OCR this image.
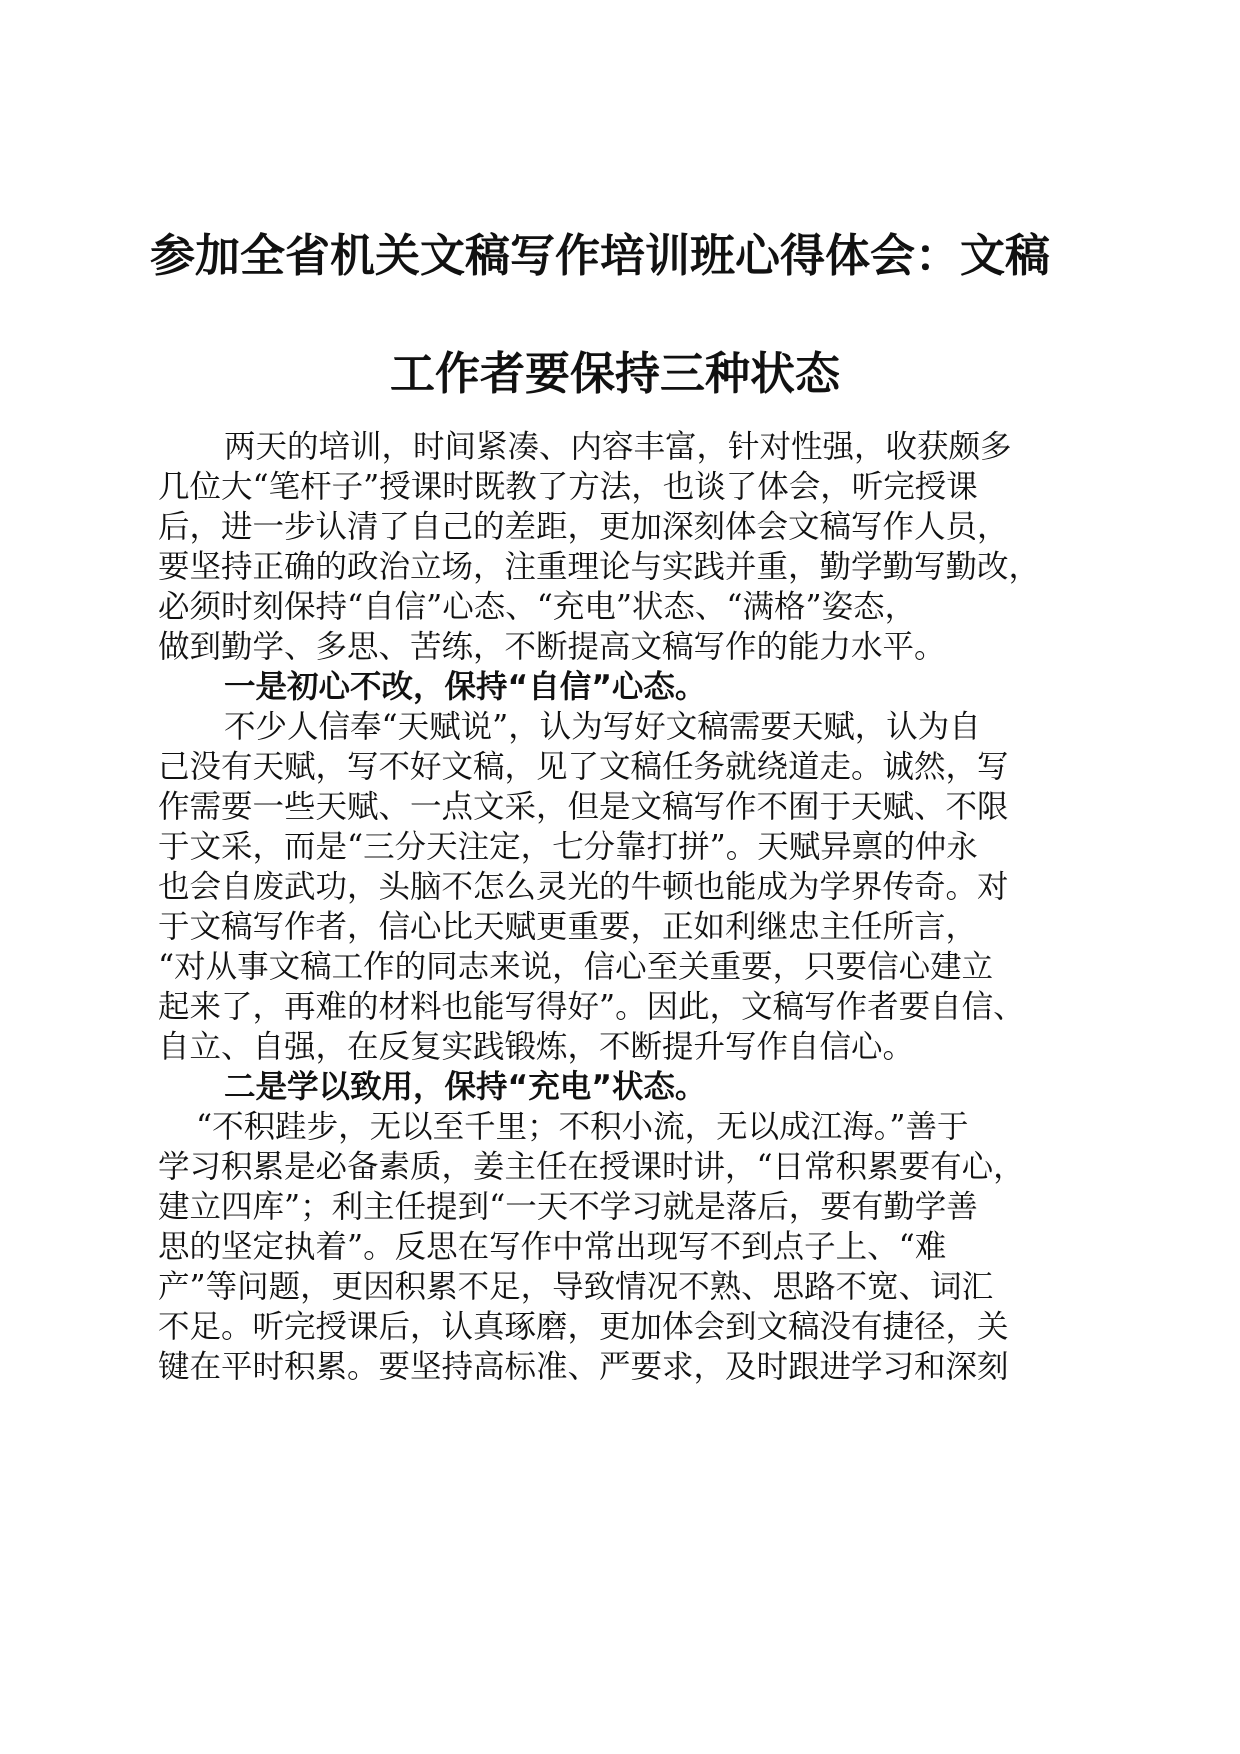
参加全省机关文稿写作培训班心得体会：文稿
工作者要保持三种状态
两天的培训，时间紧凑、内容丰富，针对性强，收获颇多
几位大“笔杆子”授课时既教了方法，也谈了体会，听完授课
后，进一步认清了自己的差距，更加深刻体会文稿写作人员，
要坚持正确的政治立场，注重理论与实践并重，勤学勤写勤改，
必须时刻保持“自信”心态、“充电”状态、“满格”姿态，
做到勤学、多思、苦练，不断提高文稿写作的能力水平。
一是初心不改，保持“自信”心态。
不少人信奉“天赋说”，认为写好文稿需要天赋，认为自
己没有天赋，写不好文稿，见了文稿任务就绕道走。诚然，写
作需要一些天赋、一点文采，但是文稿写作不囿于天赋、不限
于文采，而是“三分天注定，七分靠打拼”。天赋异禀的仲永
也会自废武功，头脑不怎么灵光的牛顿也能成为学界传奇。对
于文稿写作者，信心比天赋更重要，正如利继忠主任所言，
“对从事文稿工作的同志来说，信心至关重要，只要信心建立
起来了，再难的材料也能写得好”。因此，文稿写作者要自信、
自立、自强，在反复实践锻炼，不断提升写作自信心。
二是学以致用，保持“充电”状态。
“不积跬步，无以至千里；不积小流，无以成江海。”善于
学习积累是必备素质，姜主任在授课时讲，“日常积累要有心，
建立四库”；利主任提到“一天不学习就是落后，要有勤学善
思的坚定执着”。反思在写作中常出现写不到点子上、“难
产”等问题，更因积累不足，导致情况不熟、思路不宽、词汇
不足。听完授课后，认真琢磨，更加体会到文稿没有捷径，关
键在平时积累。要坚持高标准、严要求，及时跟进学习和深刻
